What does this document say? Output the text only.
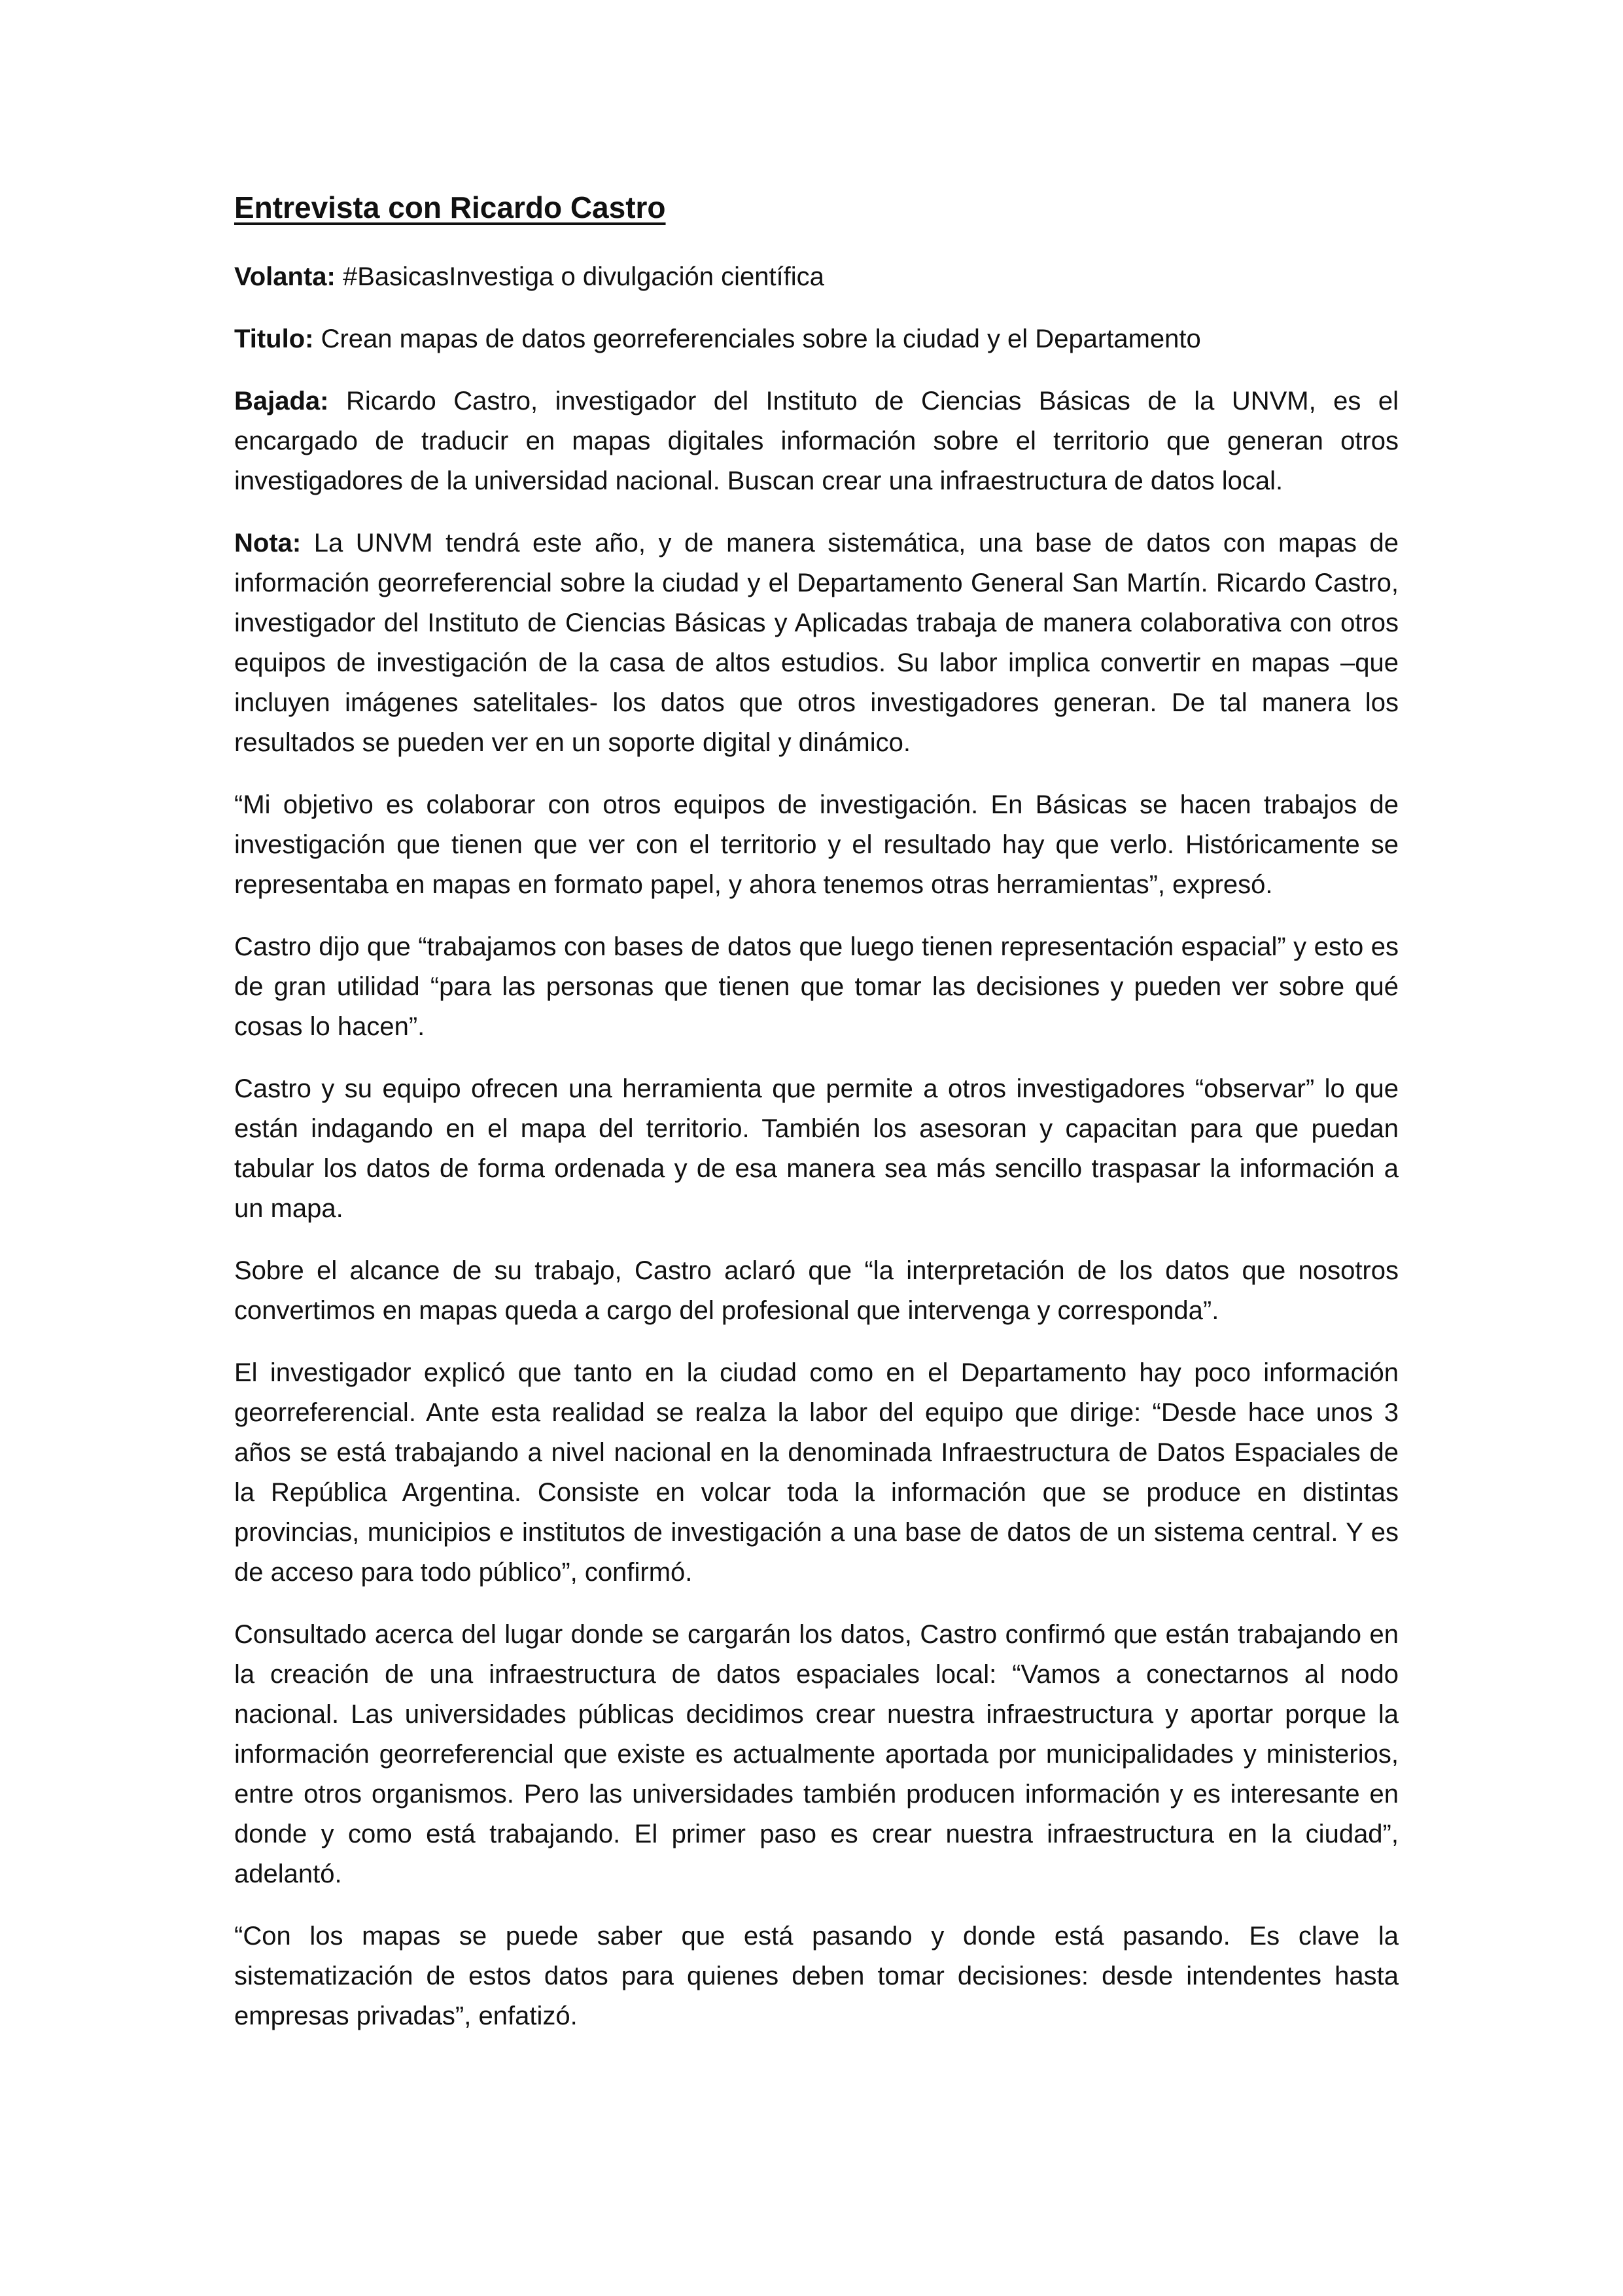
Entrevista con Ricardo Castro

Volanta: #BasicasInvestiga o divulgación científica

Titulo: Crean mapas de datos georreferenciales sobre la ciudad y el Departamento

Bajada: Ricardo Castro, investigador del Instituto de Ciencias Básicas de la UNVM, es el encargado de traducir en mapas digitales información sobre el territorio que generan otros investigadores de la universidad nacional. Buscan crear una infraestructura de datos local.

Nota: La UNVM tendrá este año, y de manera sistemática, una base de datos con mapas de información georreferencial sobre la ciudad y el Departamento General San Martín. Ricardo Castro, investigador del Instituto de Ciencias Básicas y Aplicadas trabaja de manera colaborativa con otros equipos de investigación de la casa de altos estudios. Su labor implica convertir en mapas –que incluyen imágenes satelitales- los datos que otros investigadores generan. De tal manera los resultados se pueden ver en un soporte digital y dinámico.

“Mi objetivo es colaborar con otros equipos de investigación. En Básicas se hacen trabajos de investigación que tienen que ver con el territorio y el resultado hay que verlo. Históricamente se representaba en mapas en formato papel, y ahora tenemos otras herramientas”, expresó.

Castro dijo que “trabajamos con bases de datos que luego tienen representación espacial” y esto es de gran utilidad “para las personas que tienen que tomar las decisiones y pueden ver sobre qué cosas lo hacen”.

Castro y su equipo ofrecen una herramienta que permite a otros investigadores “observar” lo que están indagando en el mapa del territorio. También los asesoran y capacitan para que puedan tabular los datos de forma ordenada y de esa manera sea más sencillo traspasar la información a un mapa.

Sobre el alcance de su trabajo, Castro aclaró que “la interpretación de los datos que nosotros convertimos en mapas queda a cargo del profesional que intervenga y corresponda”.

El investigador explicó que tanto en la ciudad como en el Departamento hay poco información georreferencial. Ante esta realidad se realza la labor del equipo que dirige: “Desde hace unos 3 años se está trabajando a nivel nacional en la denominada Infraestructura de Datos Espaciales de la República Argentina. Consiste en volcar toda la información que se produce en distintas provincias, municipios e institutos de investigación a una base de datos de un sistema central. Y es de acceso para todo público”, confirmó.

Consultado acerca del lugar donde se cargarán los datos, Castro confirmó que están trabajando en la creación de una infraestructura de datos espaciales local: “Vamos a conectarnos al nodo nacional. Las universidades públicas decidimos crear nuestra infraestructura y aportar porque la información georreferencial que existe es actualmente aportada por municipalidades y ministerios, entre otros organismos. Pero las universidades también producen información y es interesante en donde y como está trabajando. El primer paso es crear nuestra infraestructura en la ciudad”, adelantó.

“Con los mapas se puede saber que está pasando y donde está pasando. Es clave la sistematización de estos datos para quienes deben tomar decisiones: desde intendentes hasta empresas privadas”, enfatizó.
